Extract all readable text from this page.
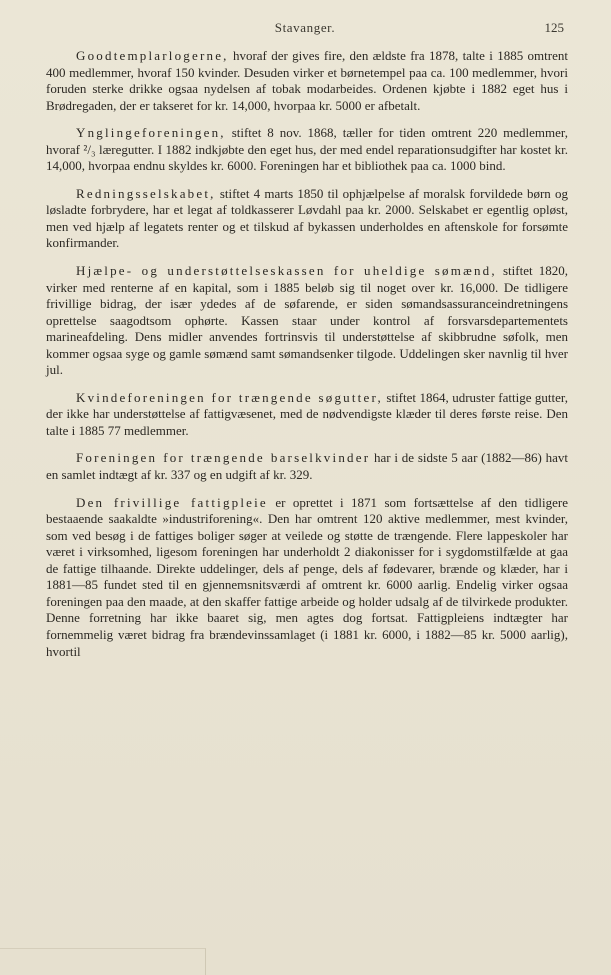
Stavanger.	125

Goodtemplarlogerne, hvoraf der gives fire, den ældste fra 1878, talte i 1885 omtrent 400 medlemmer, hvoraf 150 kvinder. Desuden virker et børnetempel paa ca. 100 medlemmer, hvori foruden sterke drikke ogsaa nydelsen af tobak modarbeides. Ordenen kjøbte i 1882 eget hus i Brødregaden, der er takseret for kr. 14,000, hvorpaa kr. 5000 er afbetalt.

Ynglingeforeningen, stiftet 8 nov. 1868, tæller for tiden omtrent 220 medlemmer, hvoraf ²/₃ læregutter. I 1882 indkjøbte den eget hus, der med endel reparationsudgifter har kostet kr. 14,000, hvorpaa endnu skyldes kr. 6000. Foreningen har et bibliothek paa ca. 1000 bind.

Redningsselskabet, stiftet 4 marts 1850 til ophjælpelse af moralsk forvildede børn og løsladte forbrydere, har et legat af toldkasserer Løvdahl paa kr. 2000. Selskabet er egentlig opløst, men ved hjælp af legatets renter og et tilskud af bykassen underholdes en aftenskole for forsømte konfirmander.

Hjælpe- og understøttelseskassen for uheldige sømænd, stiftet 1820, virker med renterne af en kapital, som i 1885 beløb sig til noget over kr. 16,000. De tidligere frivillige bidrag, der især ydedes af de søfarende, er siden sømandsassuranceindretningens oprettelse saagodtsom ophørte. Kassen staar under kontrol af forsvarsdepartementets marineafdeling. Dens midler anvendes fortrinsvis til understøttelse af skibbrudne søfolk, men kommer ogsaa syge og gamle sømænd samt sømandsenker tilgode. Uddelingen sker navnlig til hver jul.

Kvindeforeningen for trængende søgutter, stiftet 1864, udruster fattige gutter, der ikke har understøttelse af fattigvæsenet, med de nødvendigste klæder til deres første reise. Den talte i 1885 77 medlemmer.

Foreningen for trængende barselkvinder har i de sidste 5 aar (1882—86) havt en samlet indtægt af kr. 337 og en udgift af kr. 329.

Den frivillige fattigpleie er oprettet i 1871 som fortsættelse af den tidligere bestaaende saakaldte »industriforening«. Den har omtrent 120 aktive medlemmer, mest kvinder, som ved besøg i de fattiges boliger søger at veilede og støtte de trængende. Flere lappeskoler har været i virksomhed, ligesom foreningen har underholdt 2 diakonisser for i sygdomstilfælde at gaa de fattige tilhaande. Direkte uddelinger, dels af penge, dels af fødevarer, brænde og klæder, har i 1881—85 fundet sted til en gjennemsnitsværdi af omtrent kr. 6000 aarlig. Endelig virker ogsaa foreningen paa den maade, at den skaffer fattige arbeide og holder udsalg af de tilvirkede produkter. Denne forretning har ikke baaret sig, men agtes dog fortsat. Fattigpleiens indtægter har fornemmelig været bidrag fra brændevinssamlaget (i 1881 kr. 6000, i 1882—85 kr. 5000 aarlig), hvortil
